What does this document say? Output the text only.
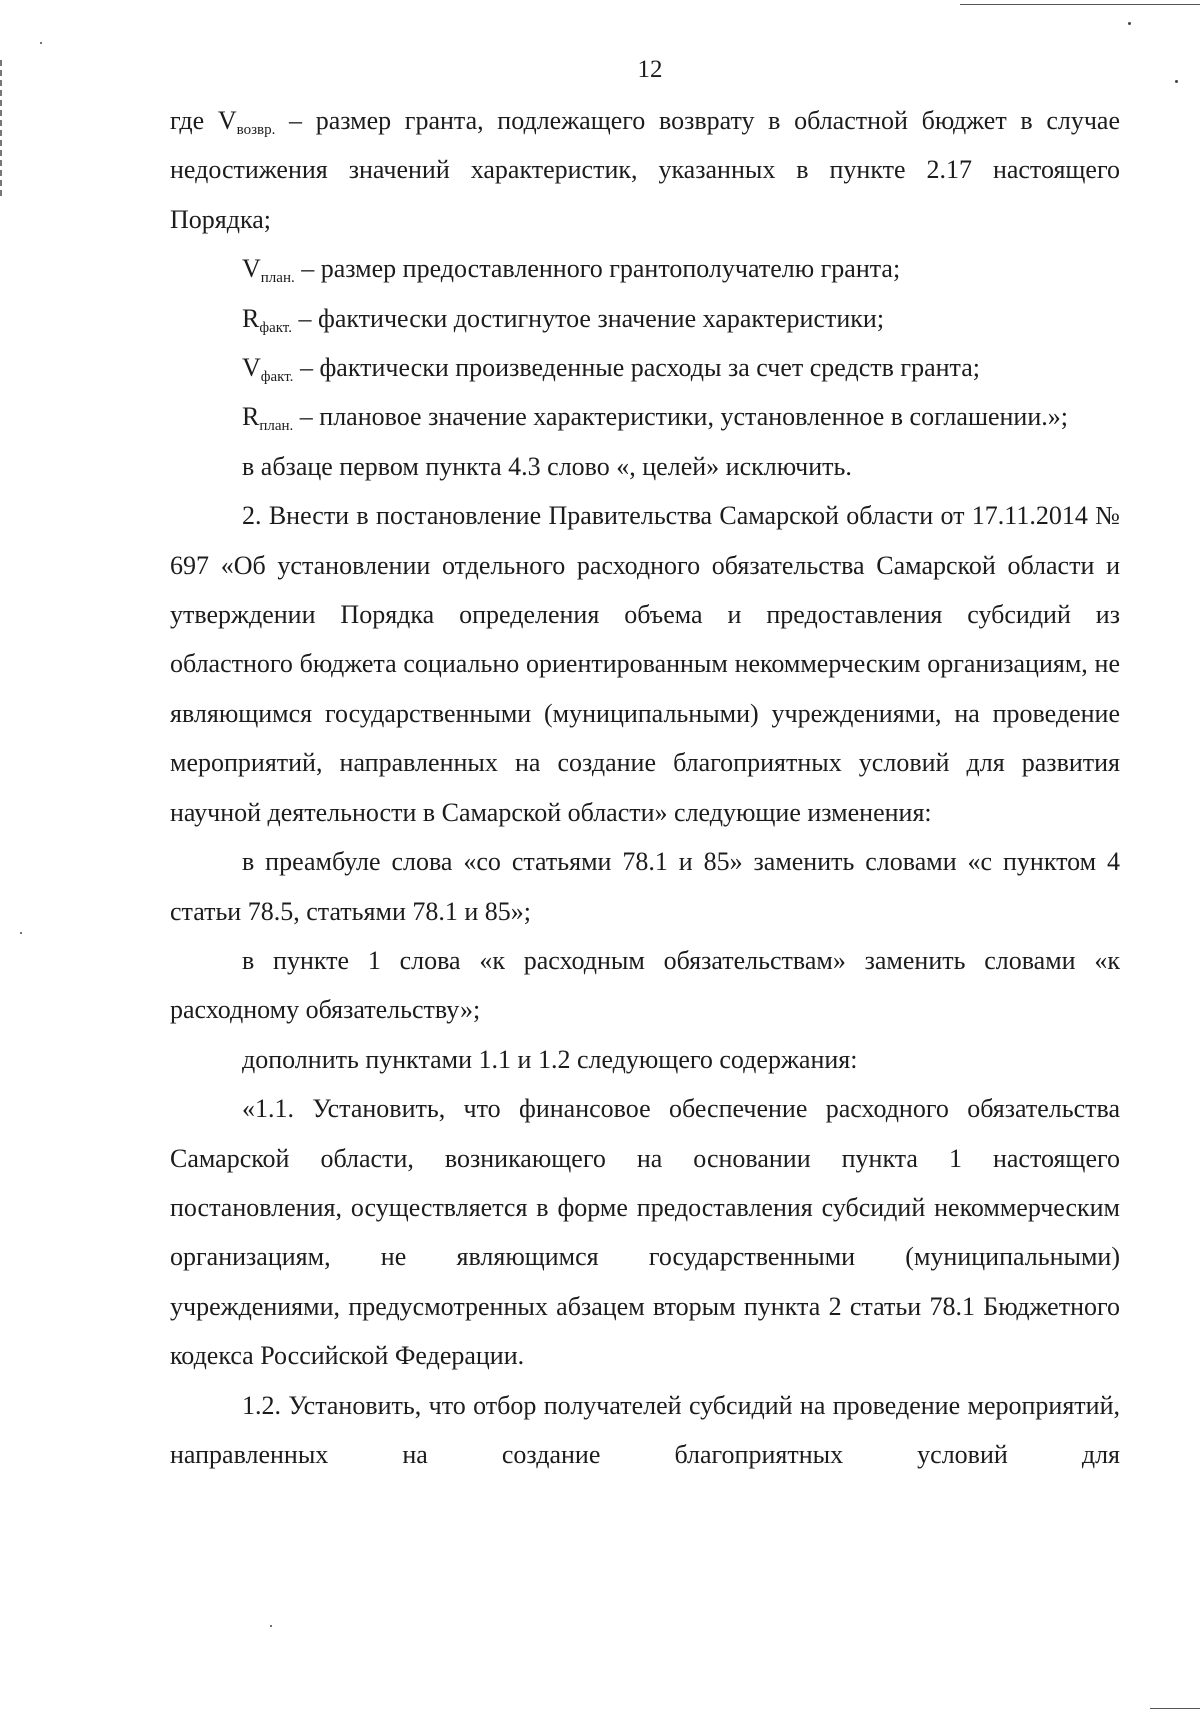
12

где $V_{возвр.}$ – размер гранта, подлежащего возврату в областной бюджет в случае недостижения значений характеристик, указанных в пункте 2.17 настоящего Порядка;

$V_{план.}$ – размер предоставленного грантополучателю гранта;

$R_{факт.}$ – фактически достигнутое значение характеристики;

$V_{факт.}$ – фактически произведенные расходы за счет средств гранта;

$R_{план.}$ – плановое значение характеристики, установленное в соглашении.»;

в абзаце первом пункта 4.3 слово «, целей» исключить.

2. Внести в постановление Правительства Самарской области от 17.11.2014 № 697 «Об установлении отдельного расходного обязательства Самарской области и утверждении Порядка определения объема и предоставления субсидий из областного бюджета социально ориентированным некоммерческим организациям, не являющимся государственными (муниципальными) учреждениями, на проведение мероприятий, направленных на создание благоприятных условий для развития научной деятельности в Самарской области» следующие изменения:

в преамбуле слова «со статьями 78.1 и 85» заменить словами «с пунктом 4 статьи 78.5, статьями 78.1 и 85»;

в пункте 1 слова «к расходным обязательствам» заменить словами «к расходному обязательству»;

дополнить пунктами 1.1 и 1.2 следующего содержания:

«1.1. Установить, что финансовое обеспечение расходного обязательства Самарской области, возникающего на основании пункта 1 настоящего постановления, осуществляется в форме предоставления субсидий некоммерческим организациям, не являющимся государственными (муниципальными) учреждениями, предусмотренных абзацем вторым пункта 2 статьи 78.1 Бюджетного кодекса Российской Федерации.

1.2. Установить, что отбор получателей субсидий на проведение мероприятий, направленных на создание благоприятных условий для
